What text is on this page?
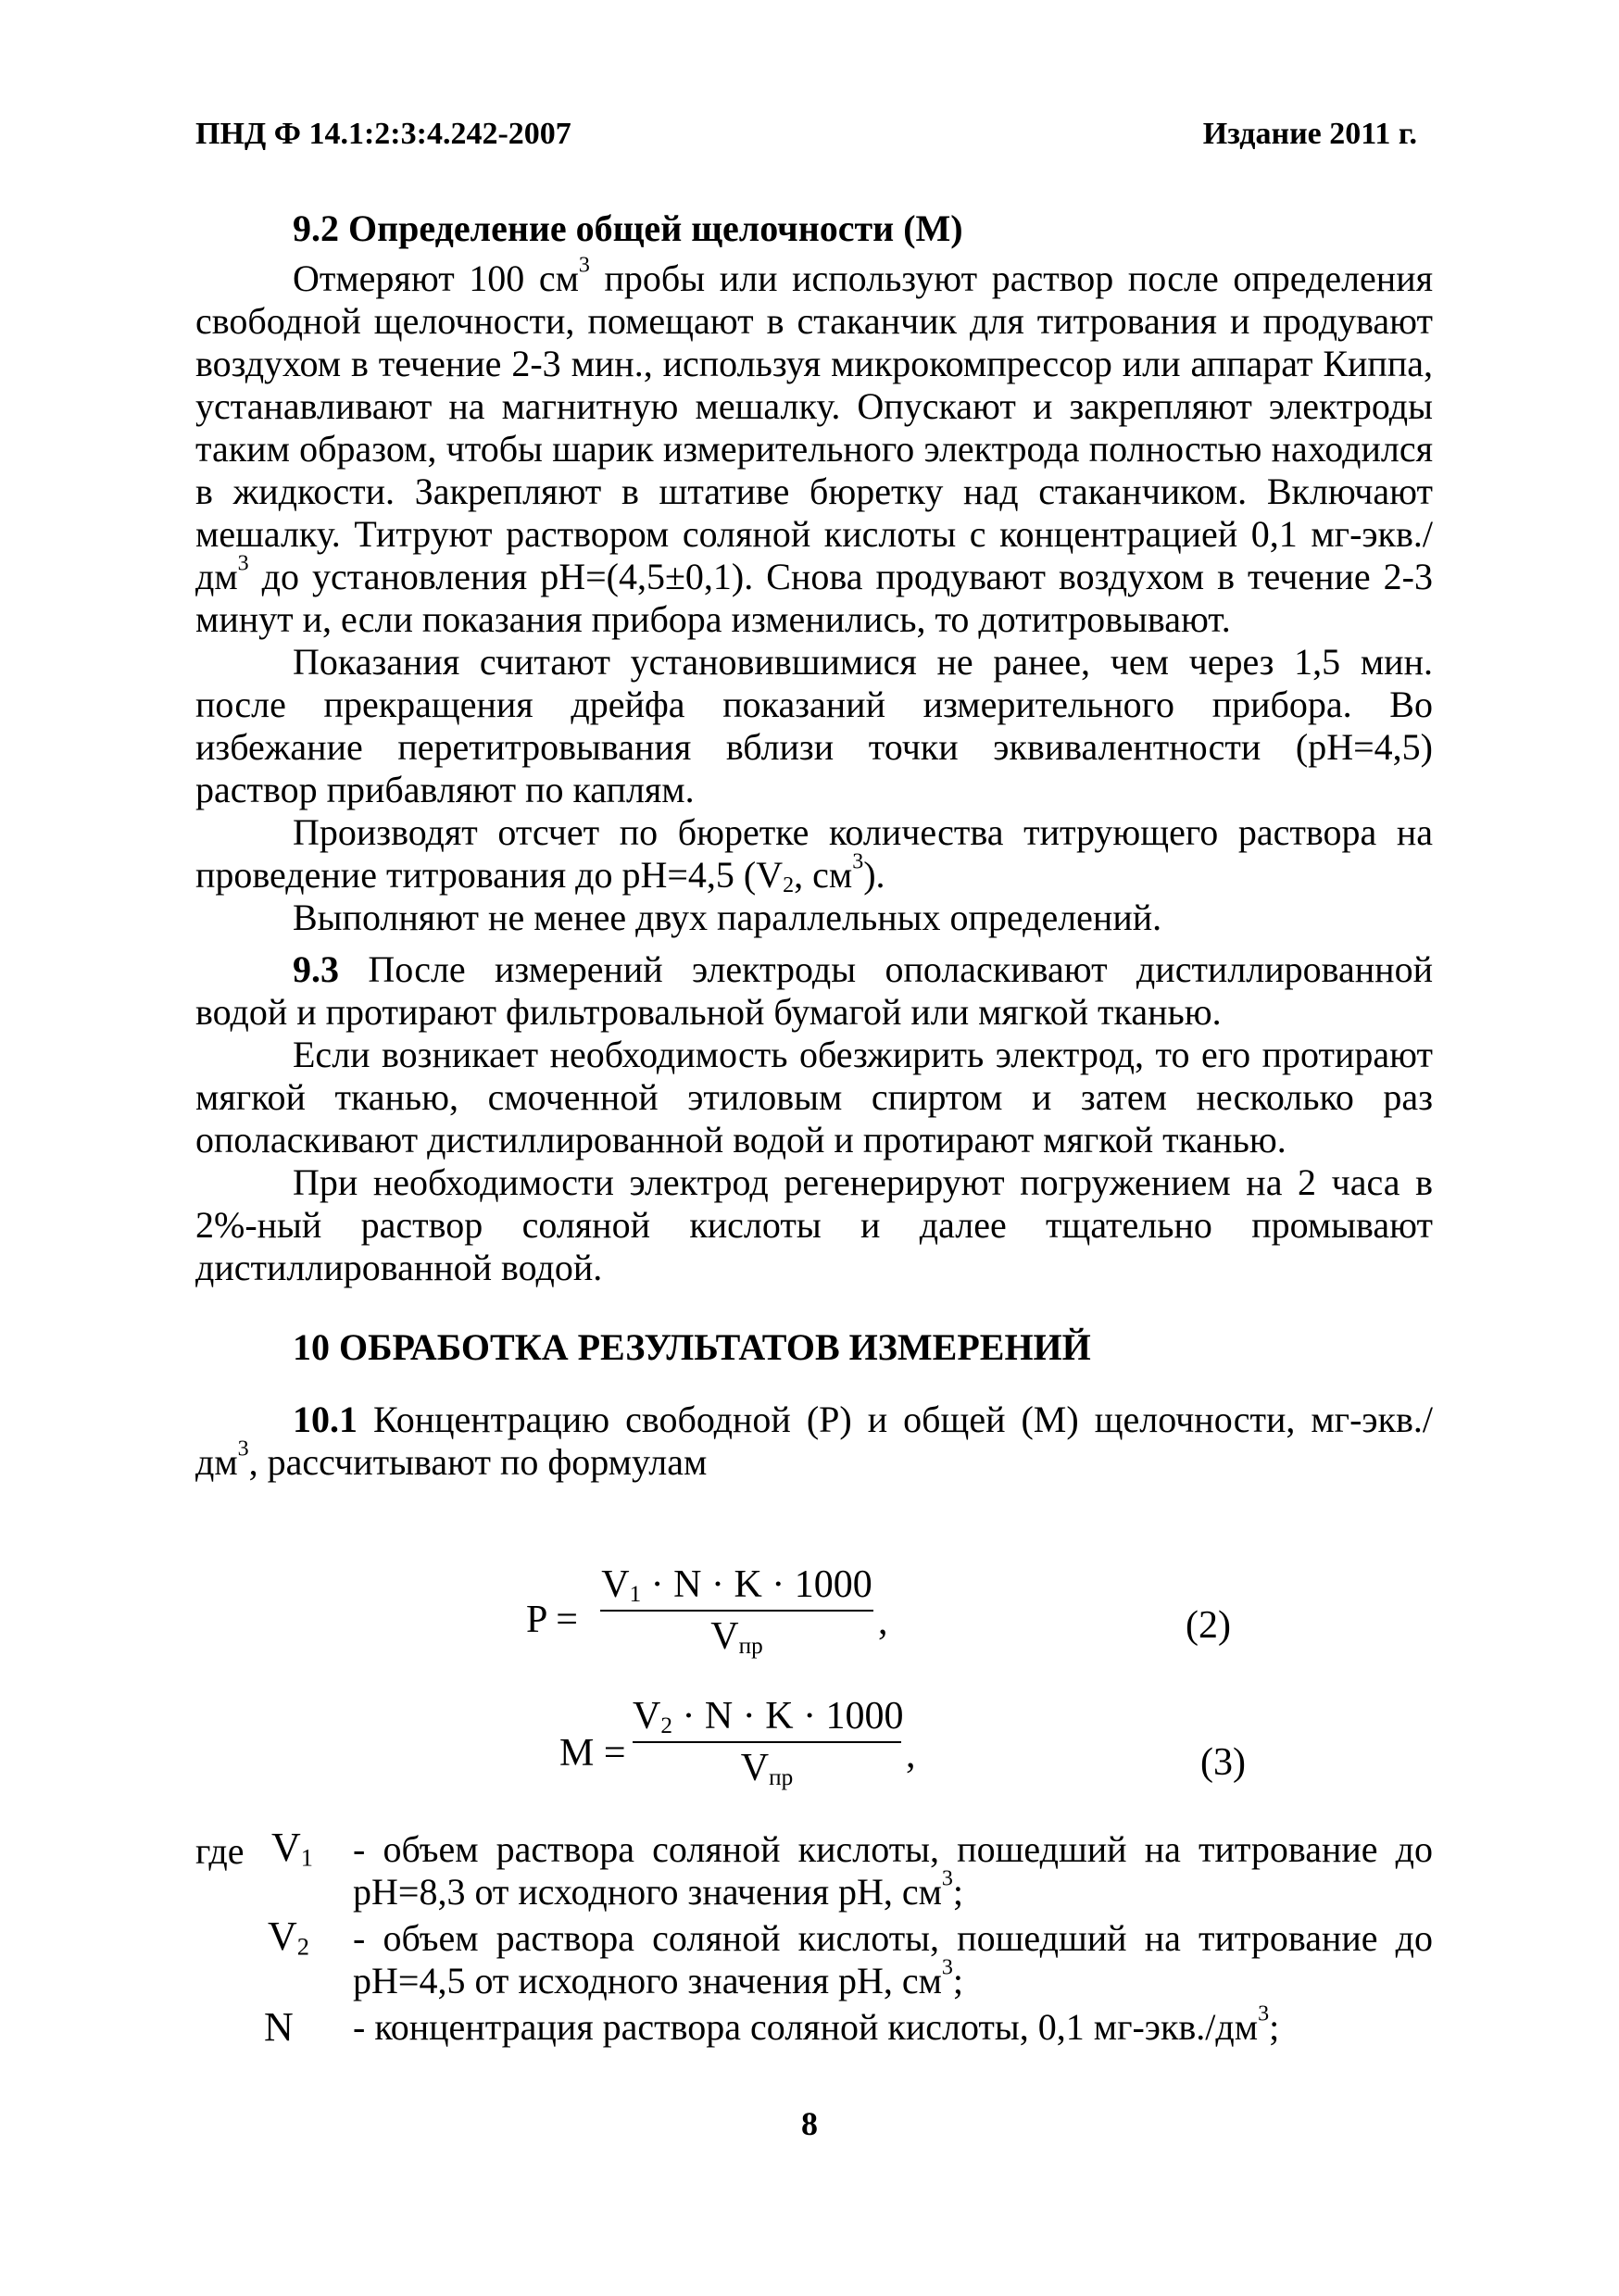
ПНД Ф 14.1:2:3:4.242-2007	Издание 2011 г.

9.2 Определение общей щелочности (М)

Отмеряют 100 $см^3$ пробы или используют раствор после определения свободной щелочности, помещают в стаканчик для титрования и продувают воздухом в течение 2-3 мин., используя микрокомпрессор или аппарат Киппа, устанавливают на магнитную мешалку. Опускают и закрепляют электроды таким образом, чтобы шарик измерительного электрода полностью находился в жидкости. Закрепляют в штативе бюретку над стаканчиком. Включают мешалку. Титруют раствором соляной кислоты с концентрацией 0,1 $мг-экв./дм^3$ до установления рН=(4,5±0,1). Снова продувают воздухом в течение 2-3 минут и, если показания прибора изменились, то дотитровывают.

Показания считают установившимися не ранее, чем через 1,5 мин. после прекращения дрейфа показаний измерительного прибора. Во избежание перетитровывания вблизи точки эквивалентности (рН=4,5) раствор прибавляют по каплям.

Производят отсчет по бюретке количества титрующего раствора на проведение титрования до рН=4,5 ($V_2$, $см^3$).

Выполняют не менее двух параллельных определений.

9.3 После измерений электроды ополаскивают дистиллированной водой и протирают фильтровальной бумагой или мягкой тканью.

Если возникает необходимость обезжирить электрод, то его протирают мягкой тканью, смоченной этиловым спиртом и затем несколько раз ополаскивают дистиллированной водой и протирают мягкой тканью.

При необходимости электрод регенерируют погружением на 2 часа в 2%-ный раствор соляной кислоты и далее тщательно промывают дистиллированной водой.

10 ОБРАБОТКА РЕЗУЛЬТАТОВ ИЗМЕРЕНИЙ

10.1 Концентрацию свободной (Р) и общей (М) щелочности, $мг-экв./дм^3$, рассчитывают по формулам

P =
$V_1 \cdot N \cdot K \cdot 1000$
$V_{пр}$
,	(2)
M =
$V_2 \cdot N \cdot K \cdot 1000$
$V_{пр}$
,	(3)
где $V_1$ - объем раствора соляной кислоты, пошедший на титрование до рН=8,3 от исходного значения рН, $см^3$;
$V_2$ - объем раствора соляной кислоты, пошедший на титрование до рН=4,5 от исходного значения рН, $см^3$;
N - концентрация раствора соляной кислоты, 0,1 $мг-экв./дм^3$;
8
